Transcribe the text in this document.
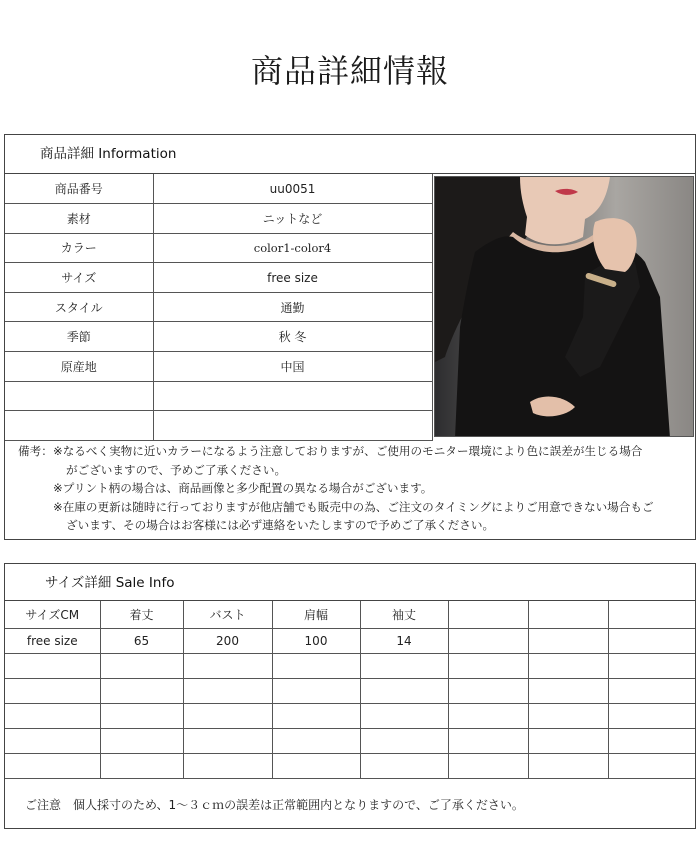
商品詳細情報
商品詳細 Information
商品番号	uu0051
素材	ニットなど
カラー	color1-color4
サイズ	free size
スタイル	通勤
季節	秋 冬
原産地	中国

備考： ※なるべく実物に近いカラーになるよう注意しておりますが、ご使用のモニター環境により色に誤差が生じる場合
がございますので、予めご了承ください。
※プリント柄の場合は、商品画像と多少配置の異なる場合がございます。
※在庫の更新は随時に行っておりますが他店舗でも販売中の為、ご注文のタイミングによりご用意できない場合もご
ざいます、その場合はお客様には必ず連絡をいたしますので予めご了承ください。
サイズ詳細 Sale Info
サイズCM	着丈	バスト	肩幅	袖丈			
free size	65	200	100	14			

ご注意　個人採寸のため、1～３ｃｍの誤差は正常範囲内となりますので、ご了承ください。
